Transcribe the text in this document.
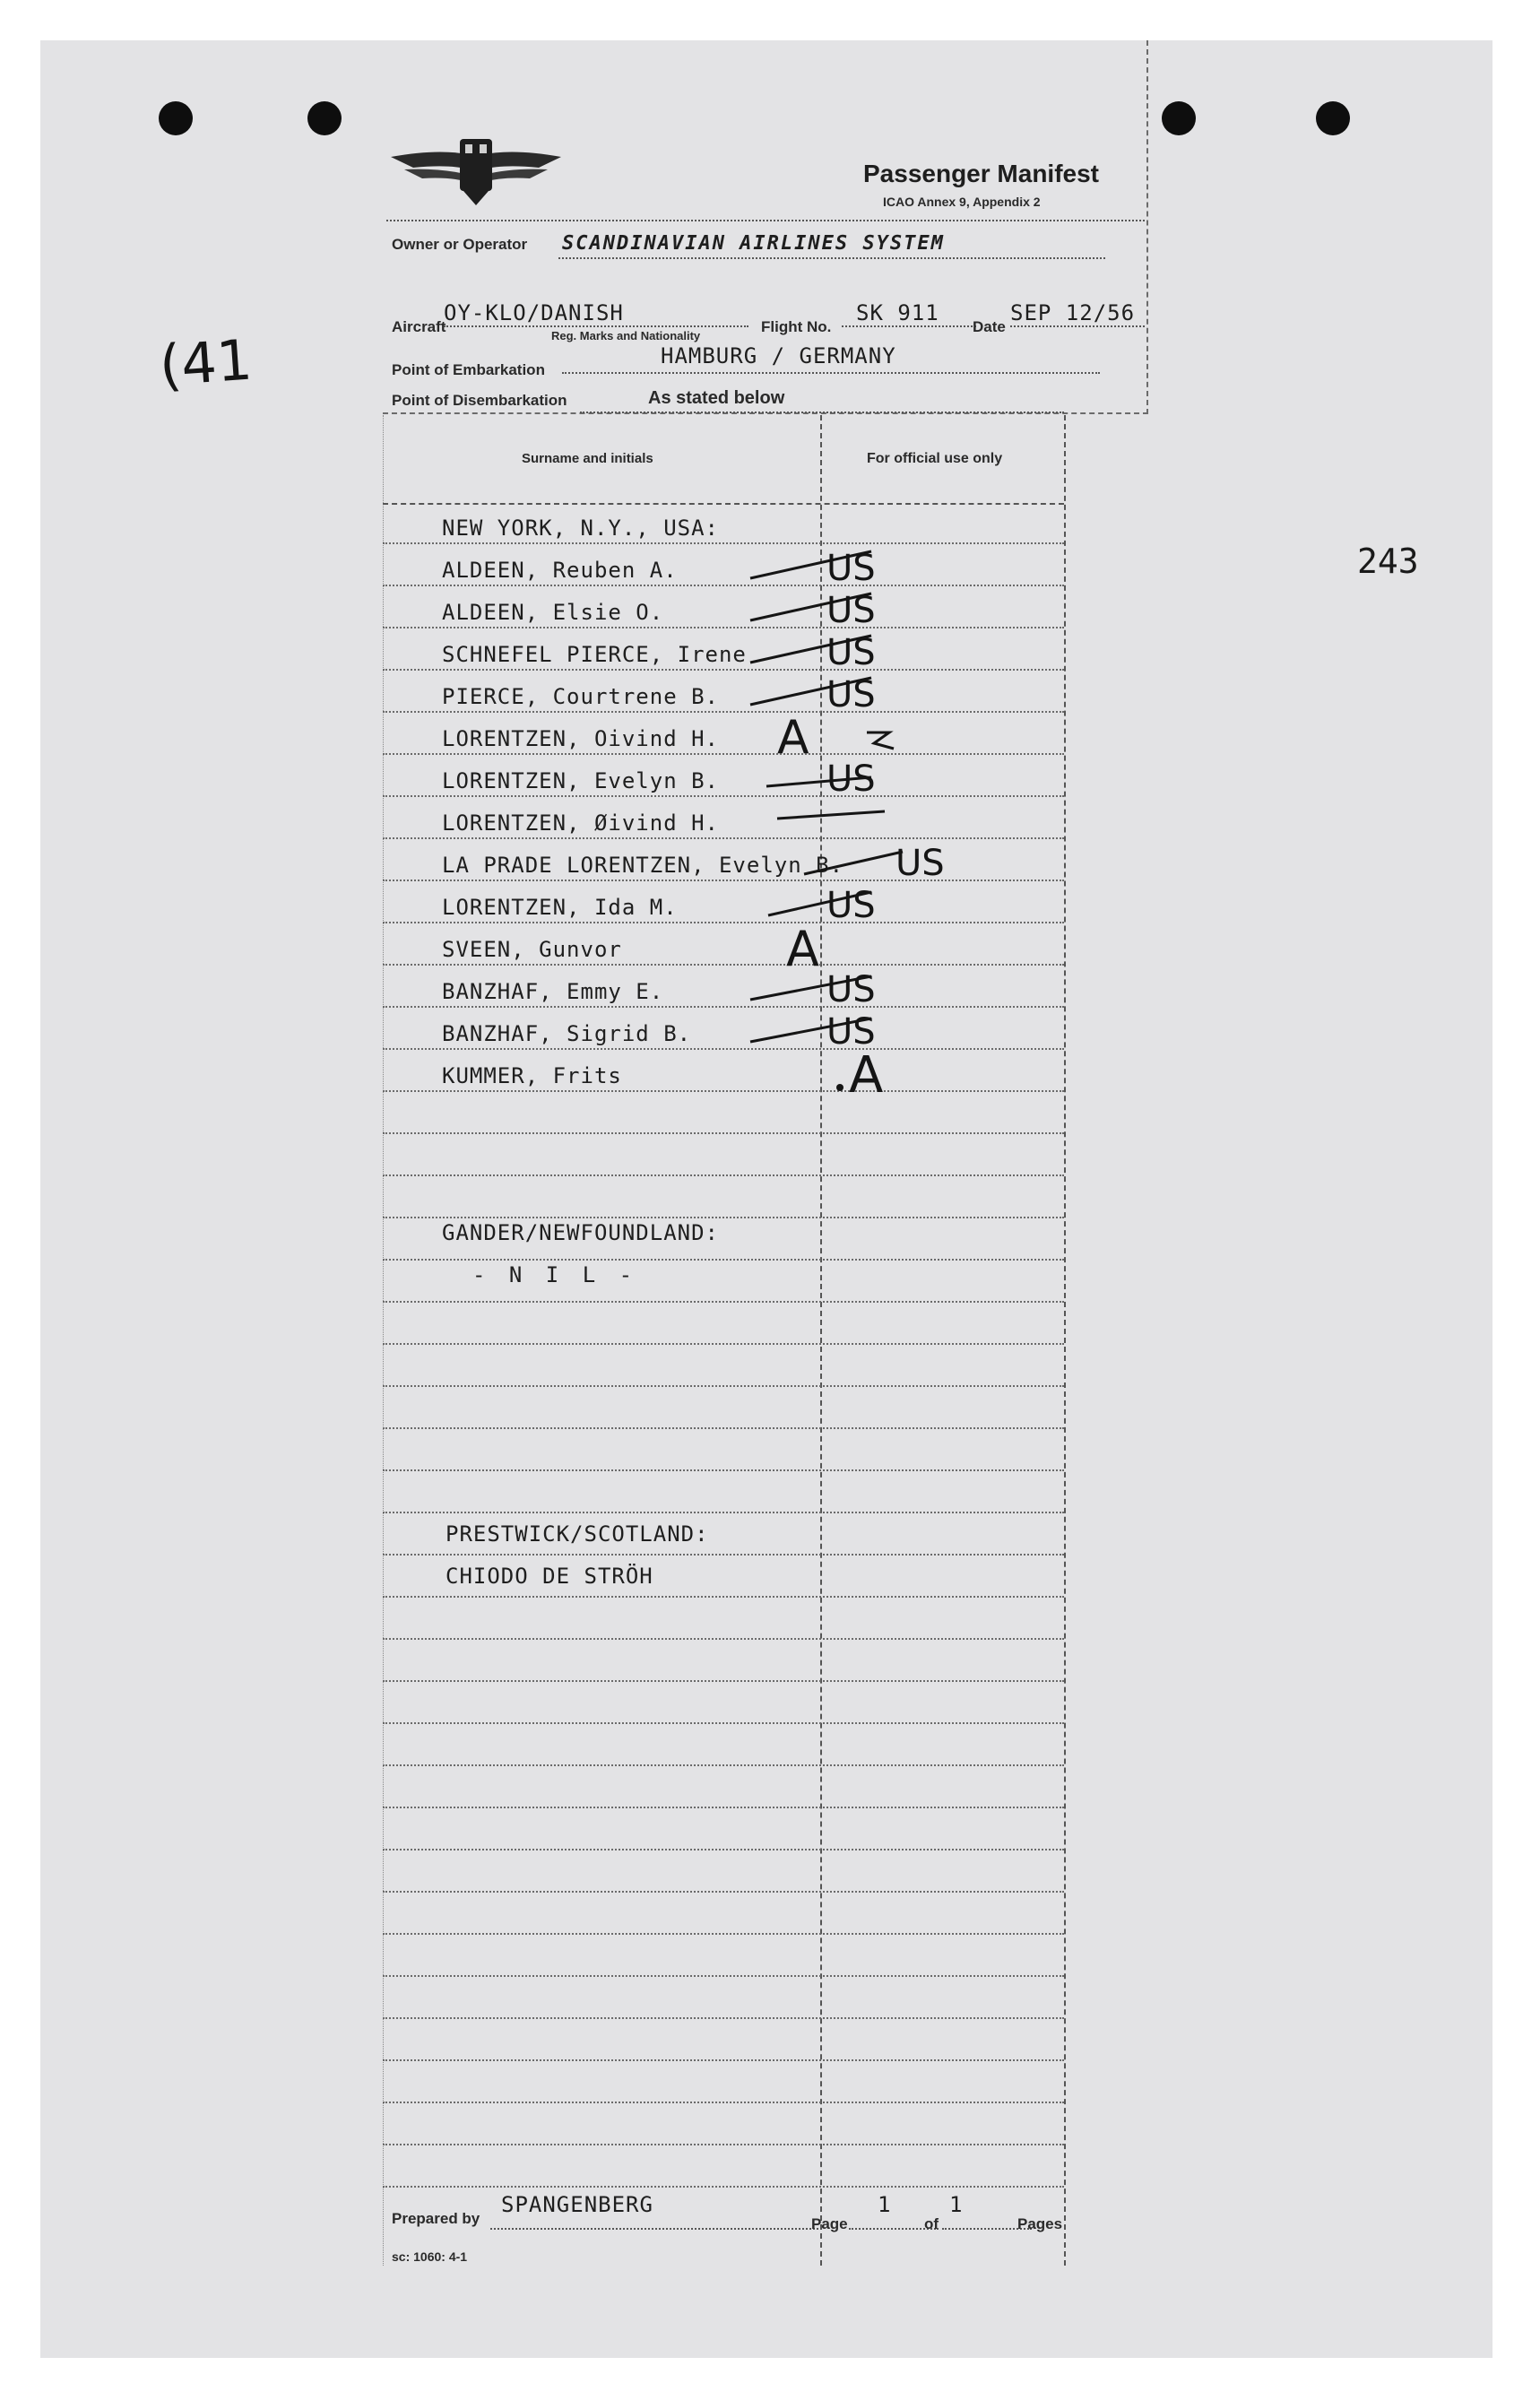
(41
243
Passenger Manifest
ICAO Annex 9, Appendix 2
Owner or Operator SCANDINAVIAN AIRLINES SYSTEM
Aircraft
OY-KLO/DANISH
Reg. Marks and Nationality
Flight No.
SK 911
Date
SEP 12/56
Point of Embarkation
HAMBURG / GERMANY
Point of Disembarkation	As stated below
Surname and initials	For official use only
NEW YORK, N.Y., USA:
ALDEEN, Reuben A.	US
ALDEEN, Elsie O.	US
SCHNEFEL PIERCE, Irene US
PIERCE, Courtrene B.	US
LORENTZEN, Oivind H. A
LORENTZEN, Evelyn B.	US
LORENTZEN, Øivind H.
LA PRADE LORENTZEN, Evelyn B. US
LORENTZEN, Ida M.	US
SVEEN, Gunvor	A
BANZHAF, Emmy E.	US
BANZHAF, Sigrid B.	US
KUMMER, Frits	A
GANDER/NEWFOUNDLAND:
- N I L -
PRESTWICK/SCOTLAND:
CHIODO DE STRÖH
Prepared by
SPANGENBERG
Page
1
of
1
Pages
sc: 1060: 4-1
